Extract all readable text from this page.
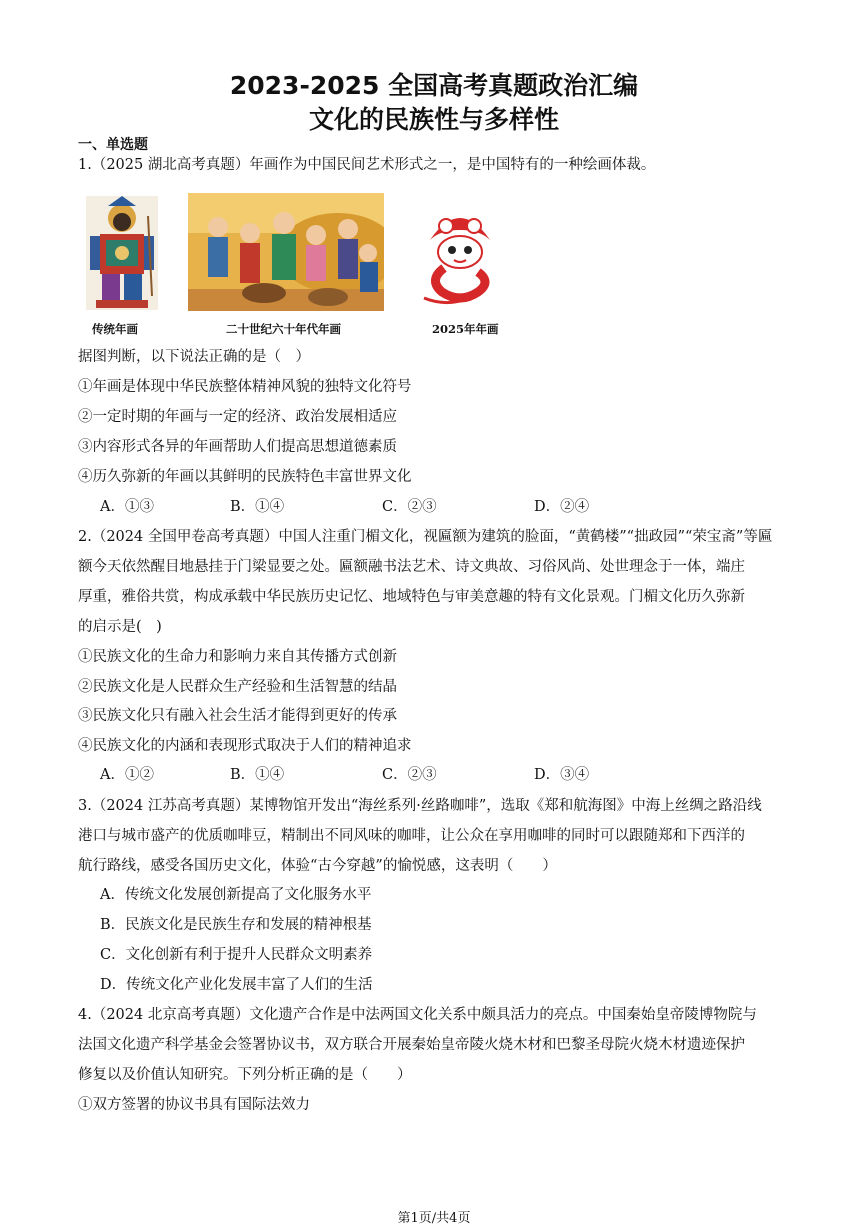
2023-2025 全国高考真题政治汇编
文化的民族性与多样性
一、单选题
1.（2025 湖北高考真题）年画作为中国民间艺术形式之一，是中国特有的一种绘画体裁。
传统年画	二十世纪六十年代年画	2025年年画
据图判断，以下说法正确的是（　）
①年画是体现中华民族整体精神风貌的独特文化符号
②一定时期的年画与一定的经济、政治发展相适应
③内容形式各异的年画帮助人们提高思想道德素质
④历久弥新的年画以其鲜明的民族特色丰富世界文化
A．①③	B．①④	C．②③	D．②④
2.（2024 全国甲卷高考真题）中国人注重门楣文化，视匾额为建筑的脸面，“黄鹤楼”“拙政园”“荣宝斋”等匾
额今天依然醒目地悬挂于门梁显要之处。匾额融书法艺术、诗文典故、习俗风尚、处世理念于一体，端庄
厚重，雅俗共赏，构成承载中华民族历史记忆、地域特色与审美意趣的特有文化景观。门楣文化历久弥新
的启示是(　)
①民族文化的生命力和影响力来自其传播方式创新
②民族文化是人民群众生产经验和生活智慧的结晶
③民族文化只有融入社会生活才能得到更好的传承
④民族文化的内涵和表现形式取决于人们的精神追求
A．①②	B．①④	C．②③	D．③④
3.（2024 江苏高考真题）某博物馆开发出“海丝系列·丝路咖啡”，选取《郑和航海图》中海上丝绸之路沿线
港口与城市盛产的优质咖啡豆，精制出不同风味的咖啡，让公众在享用咖啡的同时可以跟随郑和下西洋的
航行路线，感受各国历史文化，体验“古今穿越”的愉悦感，这表明（　　）
A．传统文化发展创新提高了文化服务水平
B．民族文化是民族生存和发展的精神根基
C．文化创新有利于提升人民群众文明素养
D．传统文化产业化发展丰富了人们的生活
4.（2024 北京高考真题）文化遗产合作是中法两国文化关系中颇具活力的亮点。中国秦始皇帝陵博物院与
法国文化遗产科学基金会签署协议书，双方联合开展秦始皇帝陵火烧木材和巴黎圣母院火烧木材遗迹保护
修复以及价值认知研究。下列分析正确的是（　　）
①双方签署的协议书具有国际法效力
第1页/共4页
